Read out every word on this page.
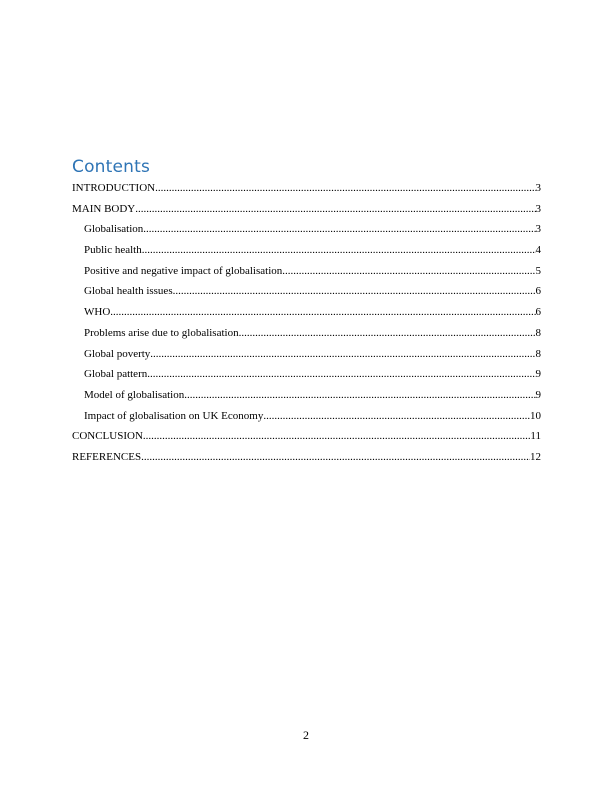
Contents
INTRODUCTION .....	3
MAIN BODY .....	3
Globalisation .....	3
Public health .....	4
Positive and negative impact of globalisation .....	5
Global health issues .....	6
WHO .....	6
Problems arise due to globalisation .....	8
Global poverty .....	8
Global pattern .....	9
Model of globalisation .....	9
Impact of globalisation on UK Economy .....	10
CONCLUSION .....	11
REFERENCES .....	12
2
